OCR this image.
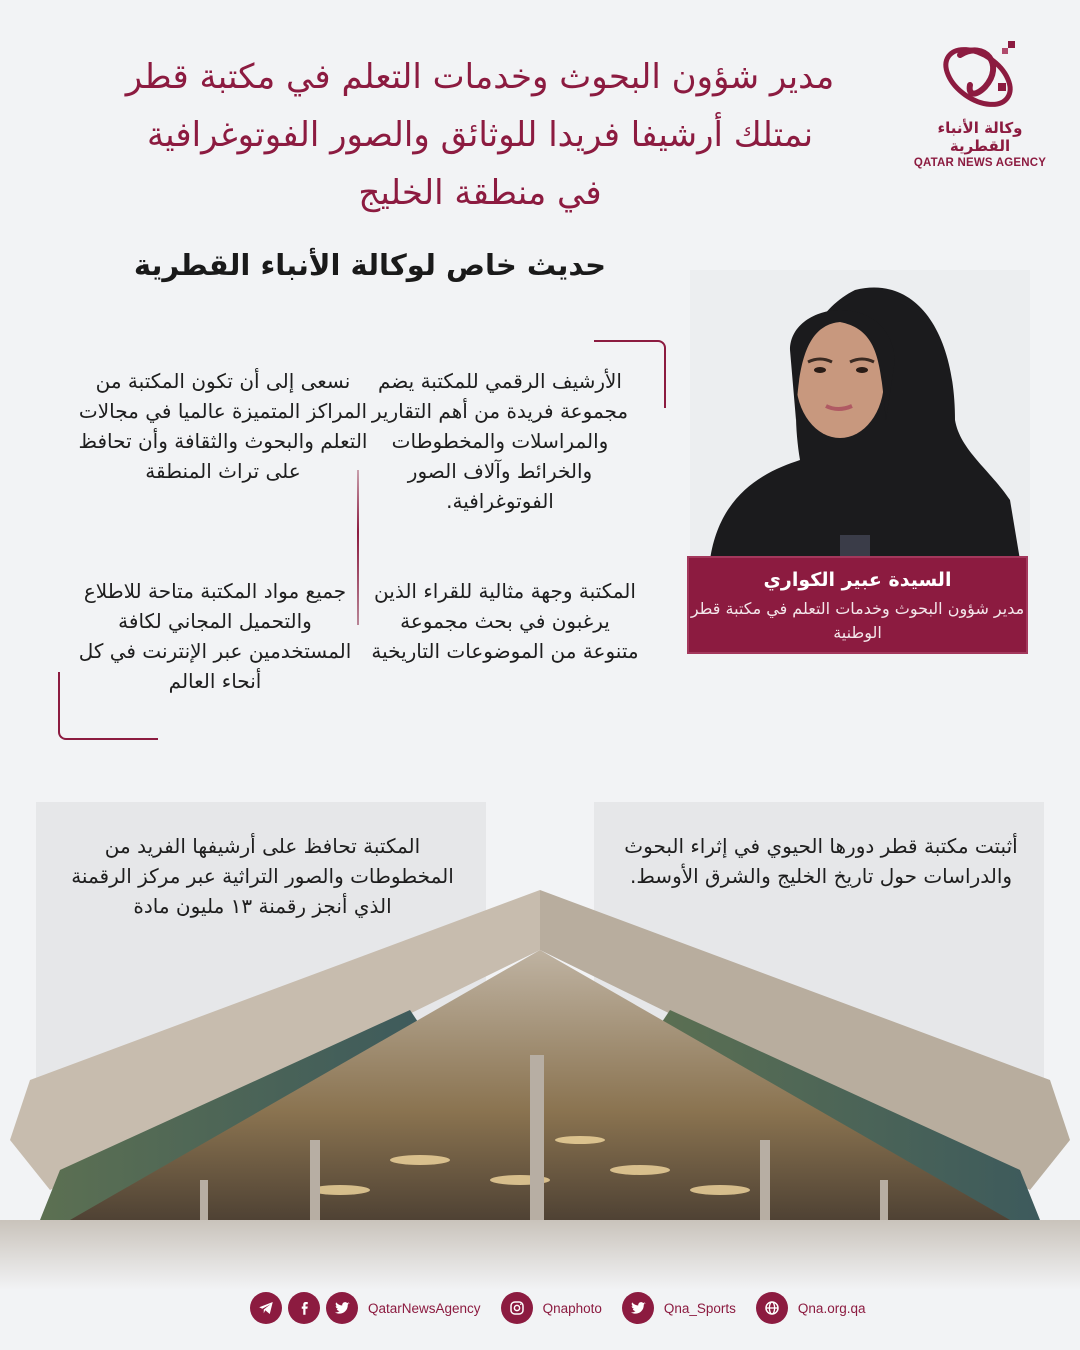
وكالة الأنباء القطرية
QATAR NEWS AGENCY
مدير شؤون البحوث وخدمات التعلم في مكتبة قطر
نمتلك أرشيفا فريدا للوثائق والصور الفوتوغرافية
في منطقة الخليج
حديث خاص لوكالة الأنباء القطرية
الأرشيف الرقمي للمكتبة يضم مجموعة فريدة من أهم التقارير والمراسلات والمخطوطات والخرائط وآلاف الصور الفوتوغرافية.
نسعى إلى أن تكون المكتبة من المراكز المتميزة عالميا في مجالات التعلم والبحوث والثقافة وأن تحافظ على تراث المنطقة
المكتبة وجهة مثالية للقراء الذين يرغبون في بحث مجموعة متنوعة من الموضوعات التاريخية
جميع مواد المكتبة متاحة للاطلاع والتحميل المجاني لكافة المستخدمين عبر الإنترنت في كل أنحاء العالم
السيدة عبير الكواري
مدير شؤون البحوث وخدمات التعلم في مكتبة قطر الوطنية
المكتبة تحافظ على أرشيفها الفريد من المخطوطات والصور التراثية عبر مركز الرقمنة الذي أنجز رقمنة ١٣ مليون مادة
أثبتت مكتبة قطر دورها الحيوي في إثراء البحوث والدراسات حول تاريخ الخليج والشرق الأوسط.
QatarNewsAgency	Qnaphoto	Qna_Sports	Qna.org.qa
